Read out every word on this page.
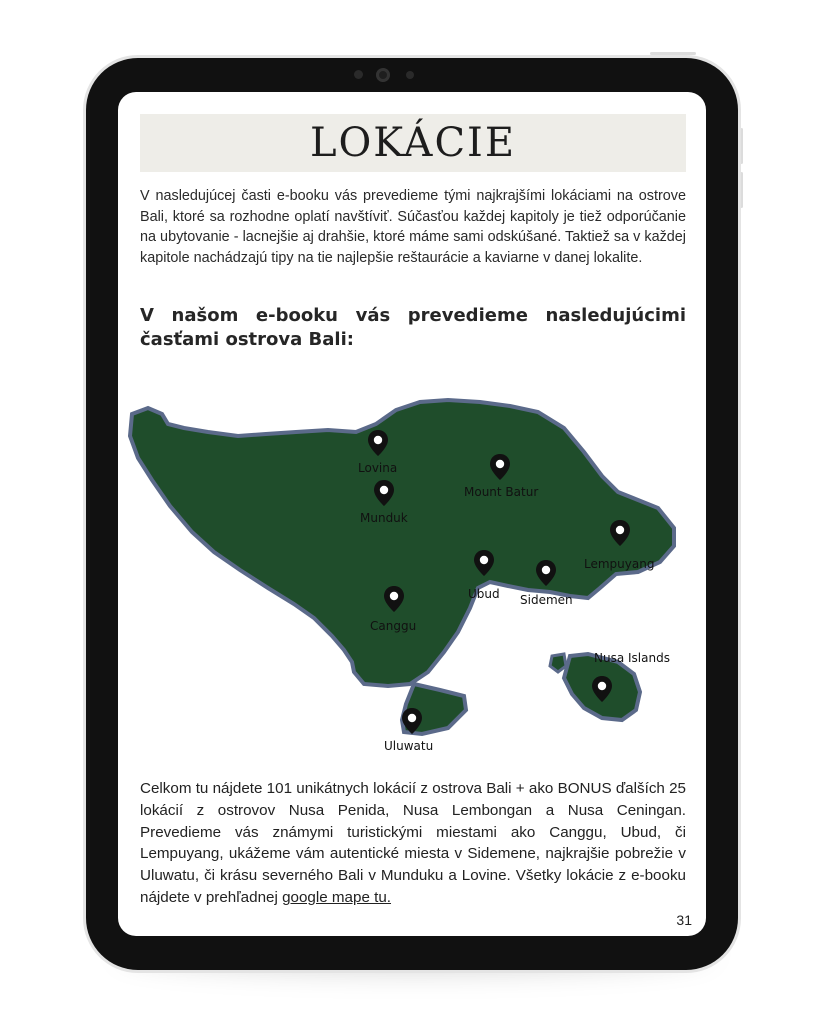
LOKÁCIE

V nasledujúcej časti e-booku vás prevedieme tými najkrajšími lokáciami na ostrove Bali, ktoré sa rozhodne oplatí navštíviť. Súčasťou každej kapitoly je tiež odporúčanie na ubytovanie - lacnejšie aj drahšie, ktoré máme sami odskúšané. Taktiež sa v každej kapitole nachádzajú tipy na tie najlepšie reštaurácie a kaviarne v danej lokalite.

V našom e-booku vás prevedieme nasledujúcimi časťami ostrova Bali:
Lovina
Mount Batur
Munduk
Lempuyang
Ubud Sidemen
Canggu
Nusa Islands
Uluwatu

Celkom tu nájdete 101 unikátnych lokácií z ostrova Bali + ako BONUS ďalších 25 lokácií z ostrovov Nusa Penida, Nusa Lembongan a Nusa Ceningan. Prevedieme vás známymi turistickými miestami ako Canggu, Ubud, či Lempuyang, ukážeme vám autentické miesta v Sidemene, najkrajšie pobrežie v Uluwatu, či krásu severného Bali v Munduku a Lovine. Všetky lokácie z e-booku nájdete v prehľadnej google mape tu.

31
